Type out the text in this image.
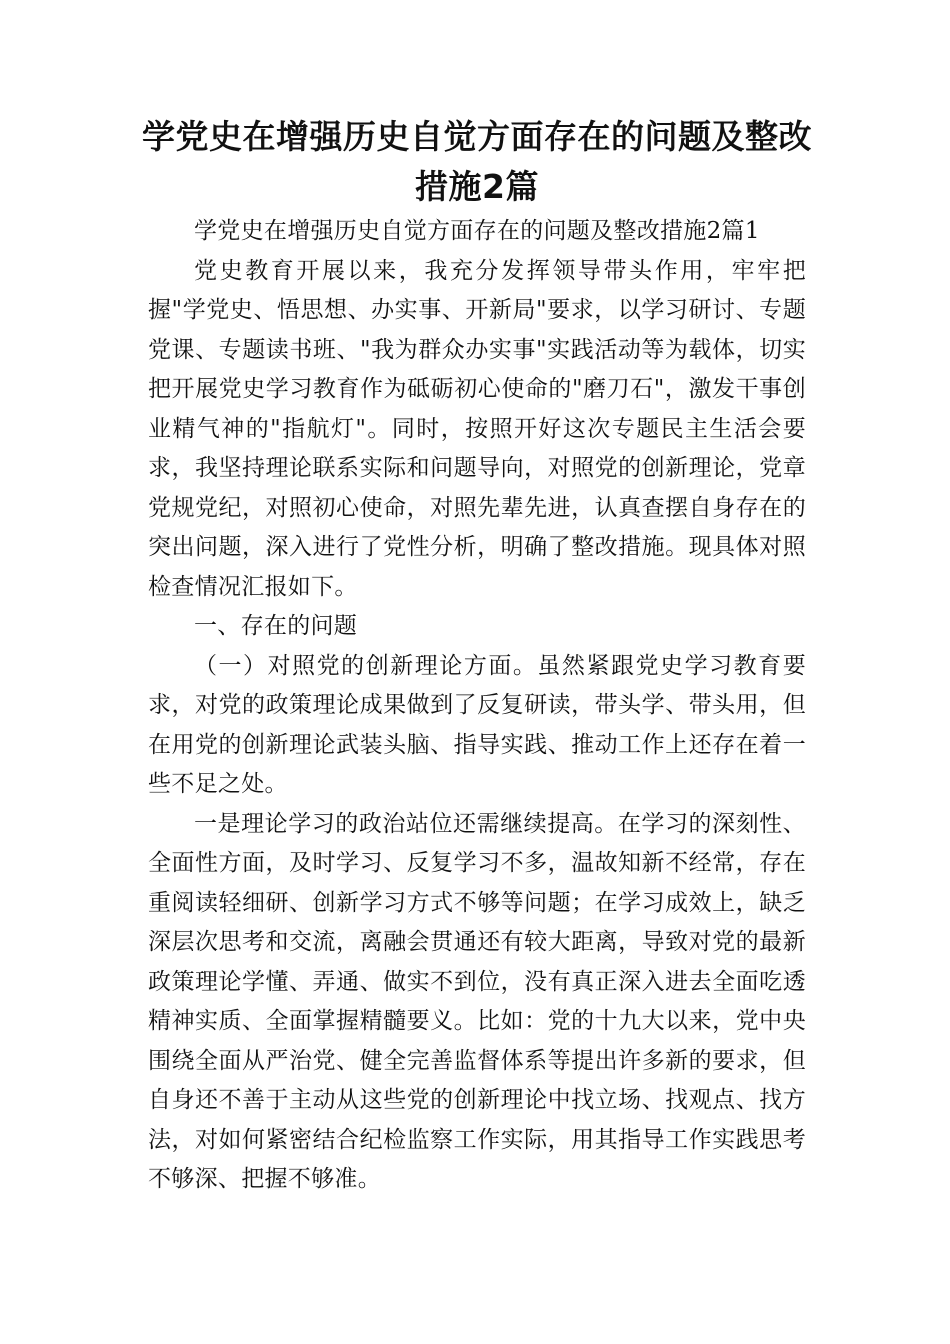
学党史在增强历史自觉方面存在的问题及整改措施2篇

学党史在增强历史自觉方面存在的问题及整改措施2篇1

党史教育开展以来，我充分发挥领导带头作用，牢牢把握"学党史、悟思想、办实事、开新局"要求，以学习研讨、专题党课、专题读书班、"我为群众办实事"实践活动等为载体，切实把开展党史学习教育作为砥砺初心使命的"磨刀石"，激发干事创业精气神的"指航灯"。同时，按照开好这次专题民主生活会要求，我坚持理论联系实际和问题导向，对照党的创新理论，党章党规党纪，对照初心使命，对照先辈先进，认真查摆自身存在的突出问题，深入进行了党性分析，明确了整改措施。现具体对照检查情况汇报如下。

一、存在的问题

（一）对照党的创新理论方面。虽然紧跟党史学习教育要求，对党的政策理论成果做到了反复研读，带头学、带头用，但在用党的创新理论武装头脑、指导实践、推动工作上还存在着一些不足之处。

一是理论学习的政治站位还需继续提高。在学习的深刻性、全面性方面，及时学习、反复学习不多，温故知新不经常，存在重阅读轻细研、创新学习方式不够等问题；在学习成效上，缺乏深层次思考和交流，离融会贯通还有较大距离，导致对党的最新政策理论学懂、弄通、做实不到位，没有真正深入进去全面吃透精神实质、全面掌握精髓要义。比如：党的十九大以来，党中央围绕全面从严治党、健全完善监督体系等提出许多新的要求，但自身还不善于主动从这些党的创新理论中找立场、找观点、找方法，对如何紧密结合纪检监察工作实际，用其指导工作实践思考不够深、把握不够准。
